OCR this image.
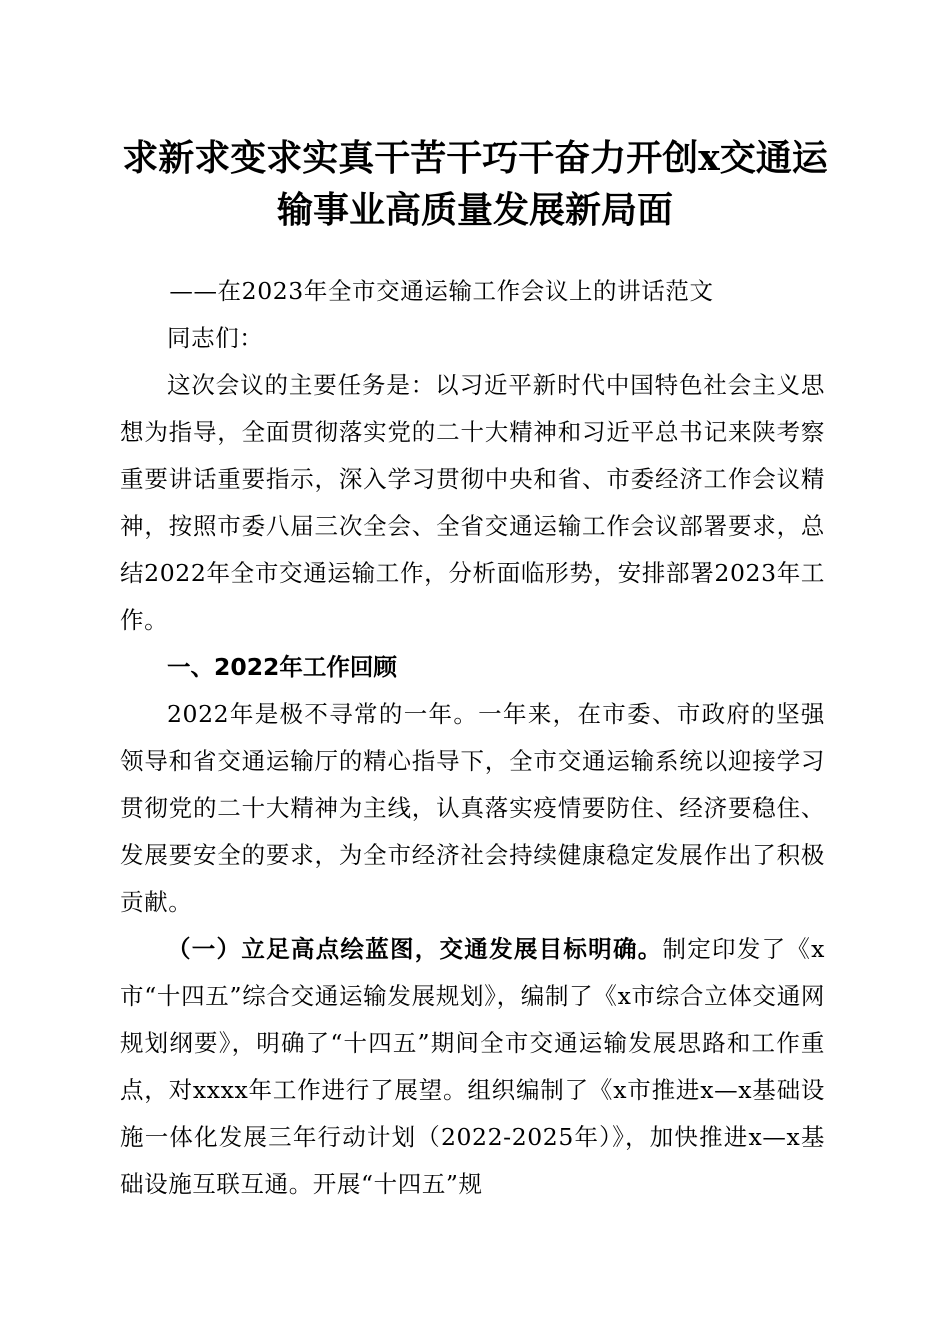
求新求变求实真干苦干巧干奋力开创x交通运
输事业高质量发展新局面

——在2023年全市交通运输工作会议上的讲话范文

同志们：

这次会议的主要任务是：以习近平新时代中国特色社会主义思想为指导，全面贯彻落实党的二十大精神和习近平总书记来陕考察重要讲话重要指示，深入学习贯彻中央和省、市委经济工作会议精神，按照市委八届三次全会、全省交通运输工作会议部署要求，总结2022年全市交通运输工作，分析面临形势，安排部署2023年工作。

一、2022年工作回顾

2022年是极不寻常的一年。一年来，在市委、市政府的坚强领导和省交通运输厅的精心指导下，全市交通运输系统以迎接学习贯彻党的二十大精神为主线，认真落实疫情要防住、经济要稳住、发展要安全的要求，为全市经济社会持续健康稳定发展作出了积极贡献。

（一）立足高点绘蓝图，交通发展目标明确。制定印发了《x市“十四五”综合交通运输发展规划》，编制了《x市综合立体交通网规划纲要》，明确了“十四五”期间全市交通运输发展思路和工作重点，对xxxx年工作进行了展望。组织编制了《x市推进x—x基础设施一体化发展三年行动计划（2022-2025年）》，加快推进x—x基础设施互联互通。开展“十四五”规
